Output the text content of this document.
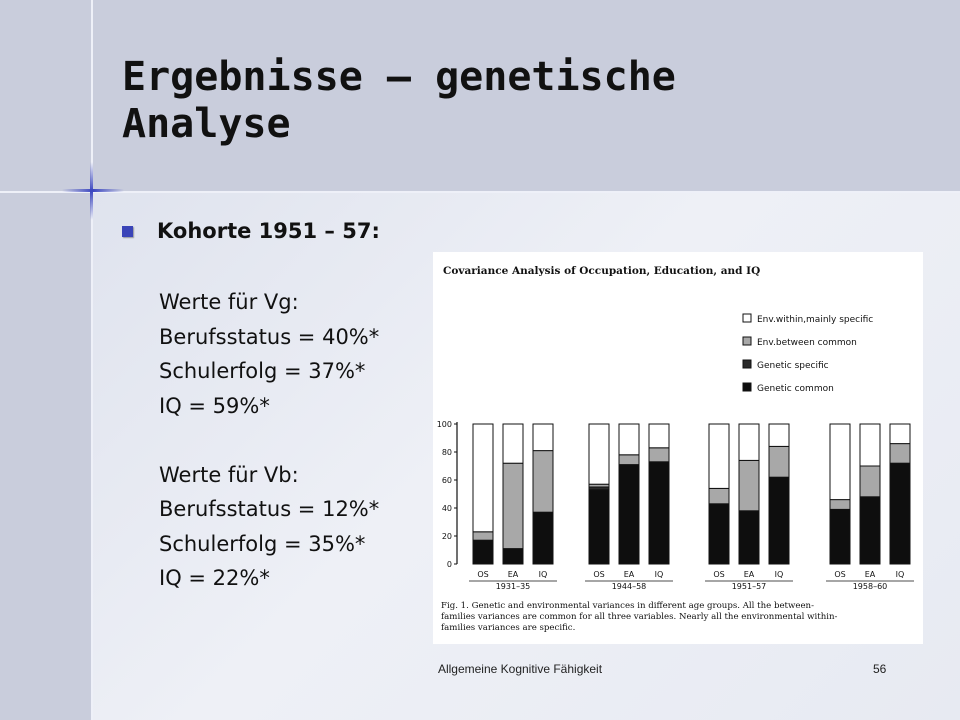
Ergebnisse – genetische Analyse
Kohorte 1951 – 57:
Werte für Vg:
Berufsstatus = 40%*
Schulerfolg = 37%*
IQ = 59%*
Werte für Vb:
Berufsstatus = 12%*
Schulerfolg = 35%*
IQ = 22%*
Covariance Analysis of Occupation, Education, and IQ
0
20
40
60
80
100
Env.within,mainly specific
Env.between common
Genetic specific
Genetic common
OS EA	IQ
1931–35
OS EA	IQ
1944–58
OS EA	IQ
1951–57
OS EA	IQ
1958–60
Fig. 1. Genetic and environmental variances in different age groups. All the between-
families variances are common for all three variables. Nearly all the environmental within-
families variances are specific.
Allgemeine Kognitive Fähigkeit	56
